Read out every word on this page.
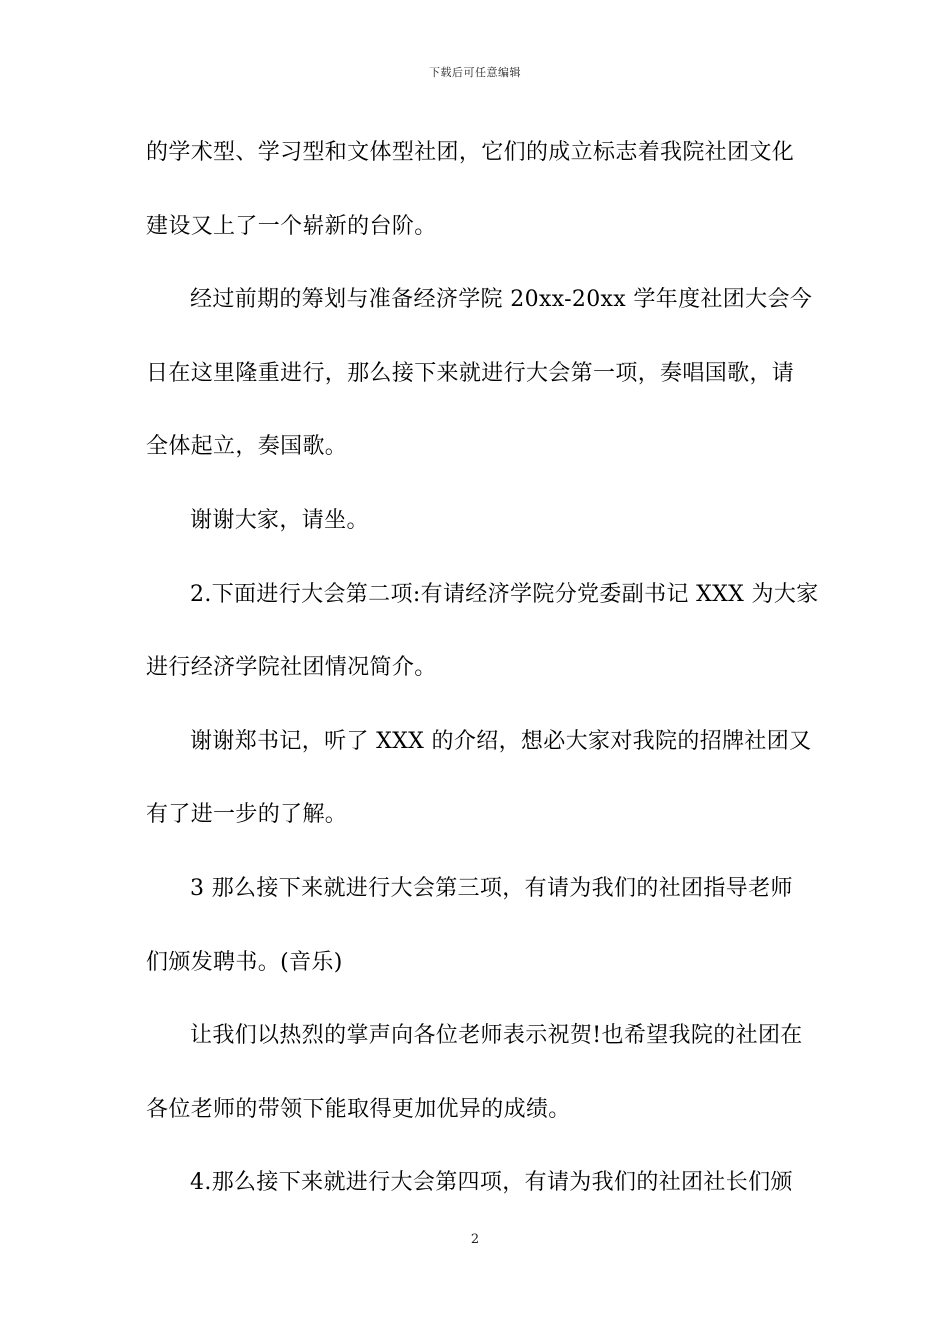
下载后可任意编辑
的学术型、学习型和文体型社团，它们的成立标志着我院社团文化
建设又上了一个崭新的台阶。
经过前期的筹划与准备经济学院 20xx-20xx 学年度社团大会今
日在这里隆重进行，那么接下来就进行大会第一项，奏唱国歌，请
全体起立，奏国歌。
谢谢大家，请坐。
2.下面进行大会第二项:有请经济学院分党委副书记 XXX 为大家
进行经济学院社团情况简介。
谢谢郑书记，听了 XXX 的介绍，想必大家对我院的招牌社团又
有了进一步的了解。
3 那么接下来就进行大会第三项，有请为我们的社团指导老师
们颁发聘书。(音乐)
让我们以热烈的掌声向各位老师表示祝贺!也希望我院的社团在
各位老师的带领下能取得更加优异的成绩。
4.那么接下来就进行大会第四项，有请为我们的社团社长们颁
2
